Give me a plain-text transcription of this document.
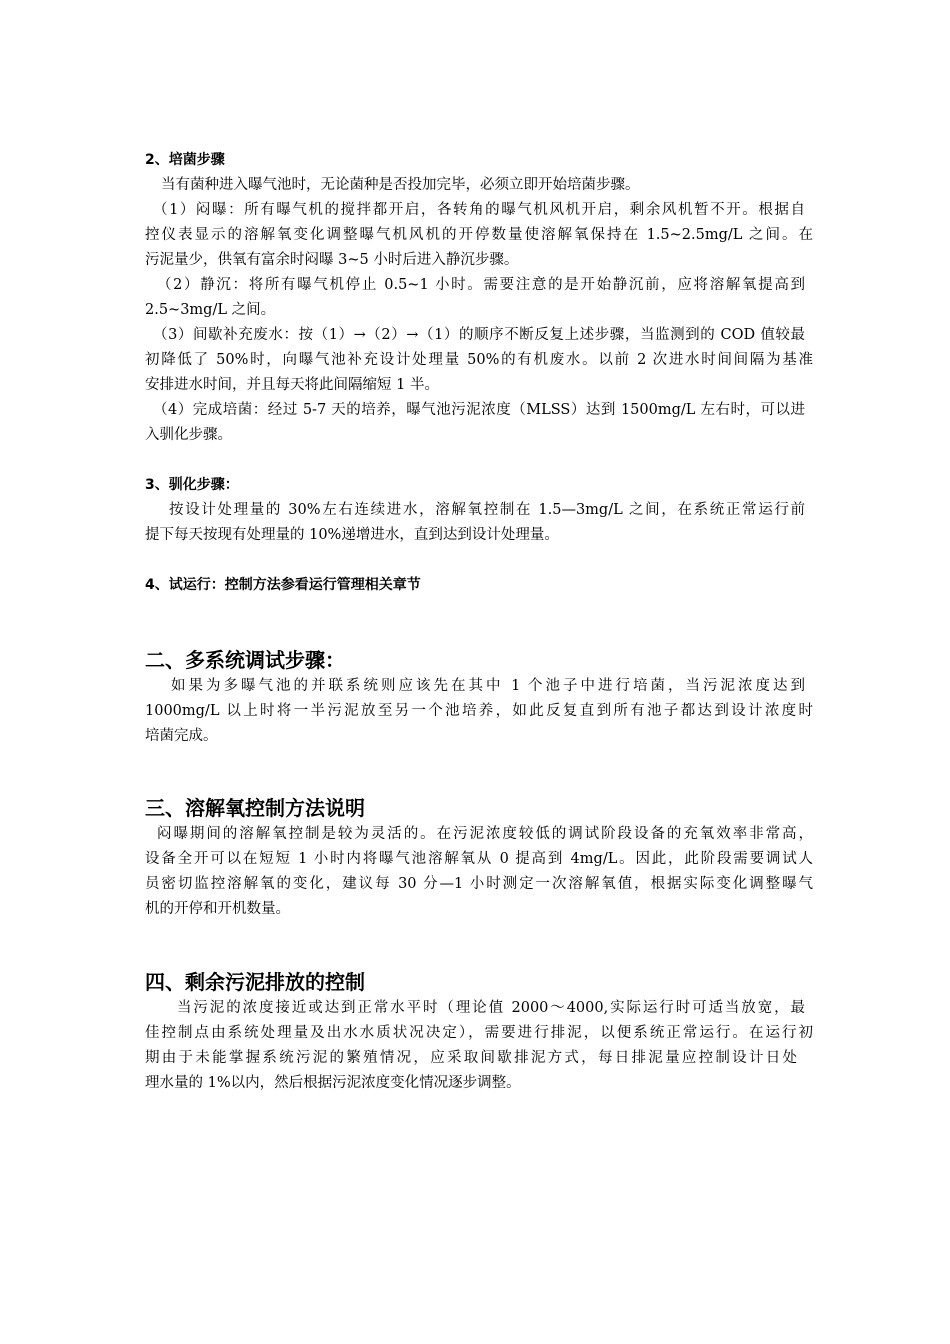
2、培菌步骤
当有菌种进入曝气池时，无论菌种是否投加完毕，必须立即开始培菌步骤。
（1）闷曝：所有曝气机的搅拌都开启，各转角的曝气机风机开启，剩余风机暂不开。根据自
控仪表显示的溶解氧变化调整曝气机风机的开停数量使溶解氧保持在 1.5~2.5mg/L 之间。在
污泥量少，供氧有富余时闷曝 3~5 小时后进入静沉步骤。
（2）静沉：将所有曝气机停止 0.5~1 小时。需要注意的是开始静沉前，应将溶解氧提高到
2.5~3mg/L 之间。
（3）间歇补充废水：按（1）→（2）→（1）的顺序不断反复上述步骤，当监测到的 COD 值较最
初降低了 50%时，向曝气池补充设计处理量 50%的有机废水。以前 2 次进水时间间隔为基准
安排进水时间，并且每天将此间隔缩短 1 半。
（4）完成培菌：经过 5-7 天的培养，曝气池污泥浓度（MLSS）达到 1500mg/L 左右时，可以进
入驯化步骤。
3、驯化步骤：
按设计处理量的 30%左右连续进水，溶解氧控制在 1.5—3mg/L 之间，在系统正常运行前
提下每天按现有处理量的 10%递增进水，直到达到设计处理量。
4、试运行：控制方法参看运行管理相关章节
二、多系统调试步骤：
如果为多曝气池的并联系统则应该先在其中 1 个池子中进行培菌，当污泥浓度达到
1000mg/L 以上时将一半污泥放至另一个池培养，如此反复直到所有池子都达到设计浓度时
培菌完成。
三、溶解氧控制方法说明
闷曝期间的溶解氧控制是较为灵活的。在污泥浓度较低的调试阶段设备的充氧效率非常高，
设备全开可以在短短 1 小时内将曝气池溶解氧从 0 提高到 4mg/L。因此，此阶段需要调试人
员密切监控溶解氧的变化，建议每 30 分—1 小时测定一次溶解氧值，根据实际变化调整曝气
机的开停和开机数量。
四、剩余污泥排放的控制
当污泥的浓度接近或达到正常水平时（理论值 2000～4000,实际运行时可适当放宽，最
佳控制点由系统处理量及出水水质状况决定），需要进行排泥，以便系统正常运行。在运行初
期由于未能掌握系统污泥的繁殖情况，应采取间歇排泥方式，每日排泥量应控制设计日处
理水量的 1%以内，然后根据污泥浓度变化情况逐步调整。
